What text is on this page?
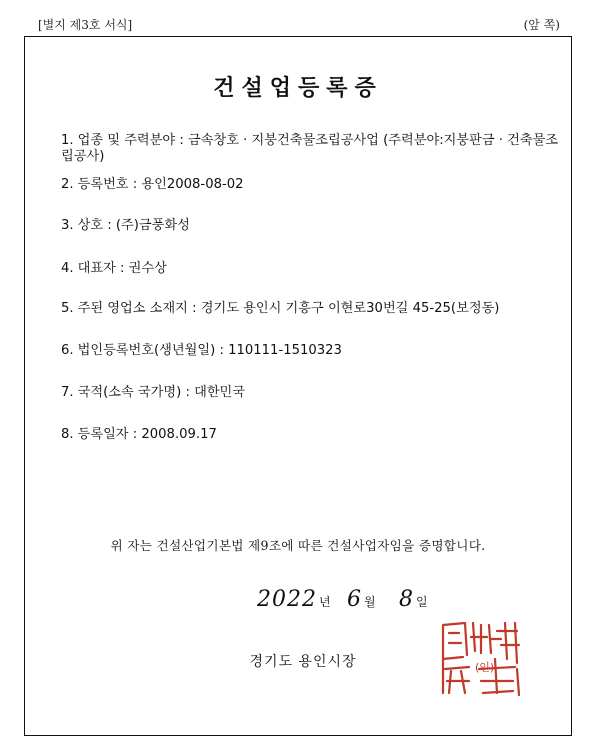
[별지 제3호 서식]	(앞 쪽)
건설업등록증
1. 업종 및 주력분야 : 금속창호 · 지붕건축물조립공사업 (주력분야:지붕판금 · 건축물조립공사)
2. 등록번호 : 용인2008-08-02
3. 상호 : (주)금풍화성
4. 대표자 : 권수상
5. 주된 영업소 소재지 : 경기도 용인시 기흥구 이현로30번길 45-25(보정동)
6. 법인등록번호(생년월일) : 110111-1510323
7. 국적(소속 국가명) : 대한민국
8. 등록일자 : 2008.09.17
위 자는 건설산업기본법 제9조에 따른 건설사업자임을 증명합니다.
2022 년 6 월 8 일
경기도 용인시장	(인)
